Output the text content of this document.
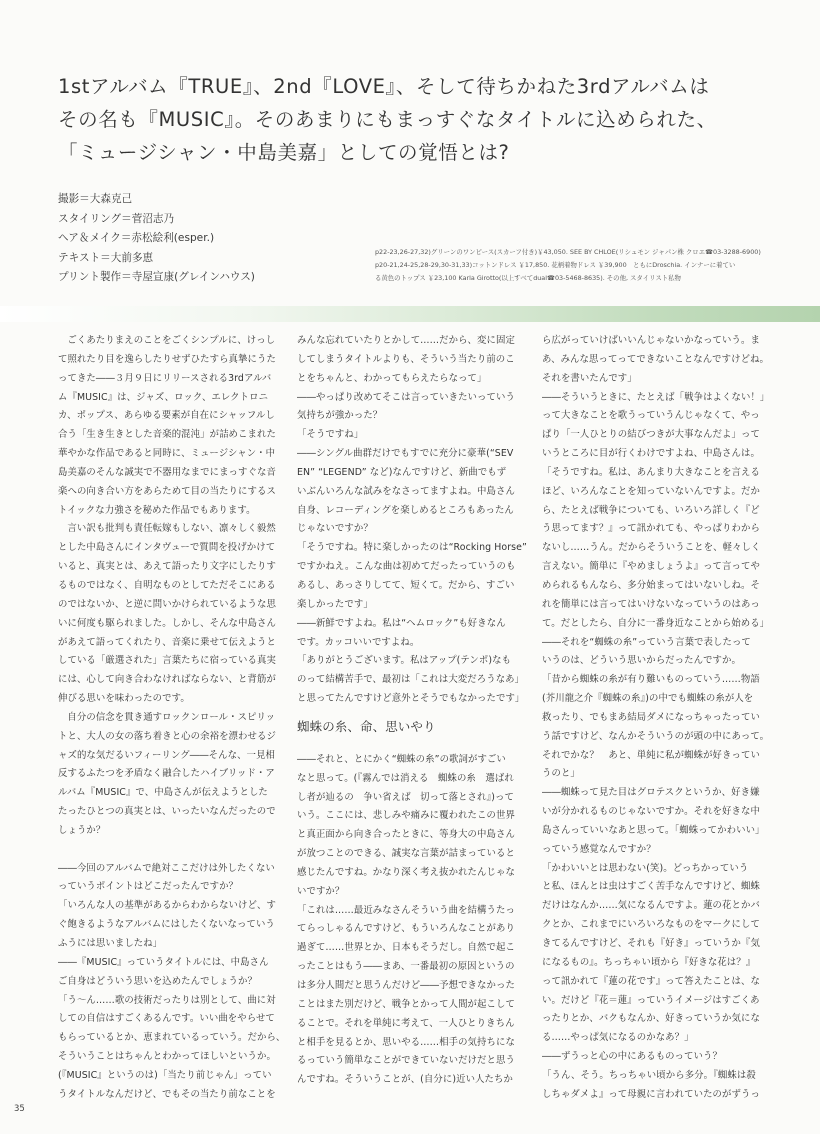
1stアルバム『TRUE』、2nd『LOVE』、そして待ちかねた3rdアルバムは
その名も『MUSIC』。そのあまりにもまっすぐなタイトルに込められた、
「ミュージシャン・中島美嘉」としての覚悟とは?
撮影＝大森克己
スタイリング＝菅沼志乃
ヘア＆メイク＝赤松絵利(esper.)
テキスト＝大前多恵
プリント製作＝寺屋宣康(グレインハウス)
p22-23,26-27,32)グリーンのワンピース(スカーフ付き)￥43,050. SEE BY CHLOE(リシュモン ジャパン株 クロエ☎03-3288-6900)
p20-21,24-25,28-29,30-31,33)コットンドレス ￥17,850. 花柄着物ドレス ￥39,900　ともにDroschia. インナーに着てい
る黄色のトップス ￥23,100 Karla Girotto(以上すべてdual☎03-5468-8635). その他, スタイリスト私物

ごくあたりまえのことをごくシンプルに、けっし

て照れたり目を逸らしたりせずひたすら真摯にうた

ってきた――３月９日にリリースされる3rdアルバ

ム『MUSIC』は、ジャズ、ロック、エレクトロニ

カ、ポップス、あらゆる要素が自在にシャッフルし

合う「生き生きとした音楽的混沌」が詰めこまれた

華やかな作品であると同時に、ミュージシャン・中

島美嘉のそんな誠実で不器用なまでにまっすぐな音

楽への向き合い方をあらためて目の当たりにするス

トイックな力強さを秘めた作品でもあります。

言い訳も批判も責任転嫁もしない、凛々しく毅然

とした中島さんにインタヴューで質問を投げかけて

いると、真実とは、あえて語ったり文字にしたりす

るものではなく、自明なものとしてただそこにある

のではないか、と逆に問いかけられているような思

いに何度も駆られました。しかし、そんな中島さん

があえて語ってくれたり、音楽に乗せて伝えようと

している「厳選された」言葉たちに宿っている真実

には、心して向き合わなければならない、と背筋が

伸びる思いを味わったのです。

自分の信念を貫き通すロックンロール・スピリッ

トと、大人の女の落ち着きと心の余裕を漂わせるジ

ャズ的な気だるいフィーリング――そんな、一見相

反するふたつを矛盾なく融合したハイブリッド・ア

ルバム『MUSIC』で、中島さんが伝えようとした

たったひとつの真実とは、いったいなんだったので

しょうか？

――今回のアルバムで絶対ここだけは外したくない

っていうポイントはどこだったんですか？

「いろんな人の基準があるからわからないけど、す

ぐ飽きるようなアルバムにはしたくないなっていう

ふうには思いましたね」

――『MUSIC』っていうタイトルには、中島さん

ご自身はどういう思いを込めたんでしょうか？

「う～ん……歌の技術だったりは別として、曲に対

しての自信はすごくあるんです。いい曲をやらせて

もらっているとか、恵まれているっていう。だから、

そういうことはちゃんとわかってほしいというか。

(『MUSIC』というのは)「当たり前じゃん」ってい

うタイトルなんだけど、でもその当たり前なことを

みんな忘れていたりとかして……だから、変に固定

してしまうタイトルよりも、そういう当たり前のこ

とをちゃんと、わかってもらえたらなって」

――やっぱり改めてそこは言っていきたいっていう

気持ちが強かった？

「そうですね」

――シングル曲群だけでもすでに充分に豪華(“SEV

EN” “LEGEND” など)なんですけど、新曲でもず

いぶんいろんな試みをなさってますよね。中島さん

自身、レコーディングを楽しめるところもあったん

じゃないですか？

「そうですね。特に楽しかったのは“Rocking Horse”

ですかねえ。こんな曲は初めてだったっていうのも

あるし、あっさりしてて、短くて。だから、すごい

楽しかったです」

――新鮮ですよね。私は“ヘムロック”も好きなん

です。カッコいいですよね。

「ありがとうございます。私はアップ(テンポ)なも

のって結構苦手で、最初は「これは大変だろうなあ」

と思ってたんですけど意外とそうでもなかったです」

蜘蛛の糸、命、思いやり

――それと、とにかく“蜘蛛の糸”の歌詞がすごい

なと思って。(『霧んでは消える　蜘蛛の糸　選ばれ

し者が辿るの　争い省えば　切って落とされ』)って

いう。ここには、悲しみや痛みに覆われたこの世界

と真正面から向き合ったときに、等身大の中島さん

が放つことのできる、誠実な言葉が詰まっていると

感じたんですね。かなり深く考え抜かれたんじゃな

いですか？

「これは……最近みなさんそういう曲を結構うたっ

てらっしゃるんですけど、もういろんなことがあり

過ぎて……世界とか、日本もそうだし。自然で起こ

ったことはもう――まあ、一番最初の原因というの

は多分人間だと思うんだけど――予想できなかった

ことはまた別だけど、戦争とかって人間が起こして

ることで。それを単純に考えて、一人ひとりきちん

と相手を見るとか、思いやる……相手の気持ちにな

るっていう簡単なことができていないだけだと思う

んですね。そういうことが、(自分に)近い人たちか

ら広がっていけばいいんじゃないかなっていう。ま

あ、みんな思ってってできないことなんですけどね。

それを書いたんです」

――そういうときに、たとえば「戦争はよくない！」

って大きなことを歌うっていうんじゃなくて、やっ

ぱり「一人ひとりの結びつきが大事なんだよ」って

いうところに目が行くわけですよね、中島さんは。

「そうですね。私は、あんまり大きなことを言える

ほど、いろんなことを知っていないんですよ。だか

ら、たとえば戦争についても、いろいろ詳しく『ど

う思ってます？』って訊かれても、やっぱりわから

ないし……うん。だからそういうことを、軽々しく

言えない。簡単に『やめましょうよ』って言ってや

められるもんなら、多分始まってはいないしね。そ

れを簡単には言ってはいけないなっていうのはあっ

て。だとしたら、自分に一番身近なことから始める」

――それを“蜘蛛の糸”っていう言葉で表したって

いうのは、どういう思いからだったんですか。

「昔から蜘蛛の糸が有り難いものっていう……物語

(芥川龍之介『蜘蛛の糸』)の中でも蜘蛛の糸が人を

救ったり、でもまあ結局ダメになっちゃったってい

う話ですけど、なんかそういうのが頭の中にあって。

それでかな？　あと、単純に私が蜘蛛が好きってい

うのと」

――蜘蛛って見た目はグロテスクというか、好き嫌

いが分かれるものじゃないですか。それを好きな中

島さんっていいなあと思って。「蜘蛛ってかわいい」

っていう感覚なんですか？

「かわいいとは思わない(笑)。どっちかっていう

と私、ほんとは虫はすごく苦手なんですけど、蜘蛛

だけはなんか……気になるんですよ。蓮の花とかバ

クとか、これまでにいろいろなものをマークにして

きてるんですけど、それも『好き』っていうか『気

になるもの』。ちっちゃい頃から『好きな花は？』

って訊かれて『蓮の花です』って答えたことは、な

い。だけど『花＝蓮』っていうイメージはすごくあ

ったりとか、バクもなんか、好きっていうか気にな

る……やっぱ気になるのかなあ？」

――ずうっと心の中にあるものっていう？

「うん、そう。ちっちゃい頃から多分。『蜘蛛は殺

しちゃダメよ』って母親に言われていたのがずうっ

35
